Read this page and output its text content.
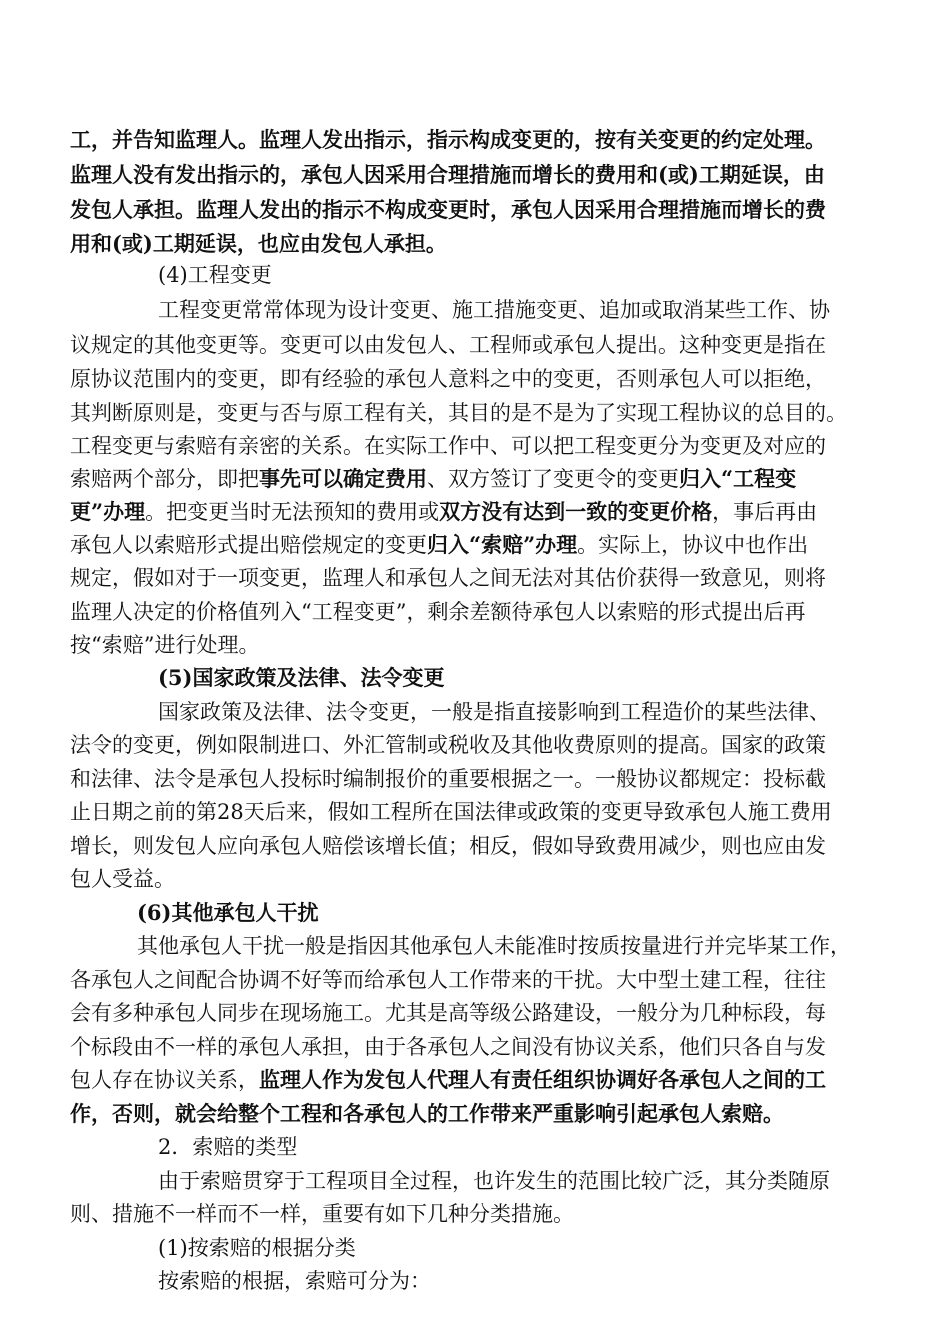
工，并告知监理人。监理人发出指示，指示构成变更的，按有关变更的约定处理。

监理人没有发出指示的，承包人因采用合理措施而增长的费用和(或)工期延误，由

发包人承担。监理人发出的指示不构成变更时，承包人因采用合理措施而增长的费

用和(或)工期延误，也应由发包人承担。

(4)工程变更

工程变更常常体现为设计变更、施工措施变更、追加或取消某些工作、协

议规定的其他变更等。变更可以由发包人、工程师或承包人提出。这种变更是指在

原协议范围内的变更，即有经验的承包人意料之中的变更，否则承包人可以拒绝，

其判断原则是，变更与否与原工程有关，其目的是不是为了实现工程协议的总目的。

工程变更与索赔有亲密的关系。在实际工作中、可以把工程变更分为变更及对应的

索赔两个部分，即把事先可以确定费用、双方签订了变更令的变更归入“工程变

更”办理。把变更当时无法预知的费用或双方没有达到一致的变更价格，事后再由

承包人以索赔形式提出赔偿规定的变更归入“索赔”办理。实际上，协议中也作出

规定，假如对于一项变更，监理人和承包人之间无法对其估价获得一致意见，则将

监理人决定的价格值列入“工程变更”，剩余差额待承包人以索赔的形式提出后再

按“索赔”进行处理。

(5)国家政策及法律、法令变更

国家政策及法律、法令变更，一般是指直接影响到工程造价的某些法律、

法令的变更，例如限制进口、外汇管制或税收及其他收费原则的提高。国家的政策

和法律、法令是承包人投标时编制报价的重要根据之一。一般协议都规定：投标截

止日期之前的第28天后来，假如工程所在国法律或政策的变更导致承包人施工费用

增长，则发包人应向承包人赔偿该增长值；相反，假如导致费用减少，则也应由发

包人受益。

(6)其他承包人干扰

其他承包人干扰一般是指因其他承包人未能准时按质按量进行并完毕某工作，

各承包人之间配合协调不好等而给承包人工作带来的干扰。大中型土建工程，往往

会有多种承包人同步在现场施工。尤其是高等级公路建设，一般分为几种标段，每

个标段由不一样的承包人承担，由于各承包人之间没有协议关系，他们只各自与发

包人存在协议关系，监理人作为发包人代理人有责任组织协调好各承包人之间的工

作，否则，就会给整个工程和各承包人的工作带来严重影响引起承包人索赔。

2．索赔的类型

由于索赔贯穿于工程项目全过程，也许发生的范围比较广泛，其分类随原

则、措施不一样而不一样，重要有如下几种分类措施。

(1)按索赔的根据分类

按索赔的根据，索赔可分为：
